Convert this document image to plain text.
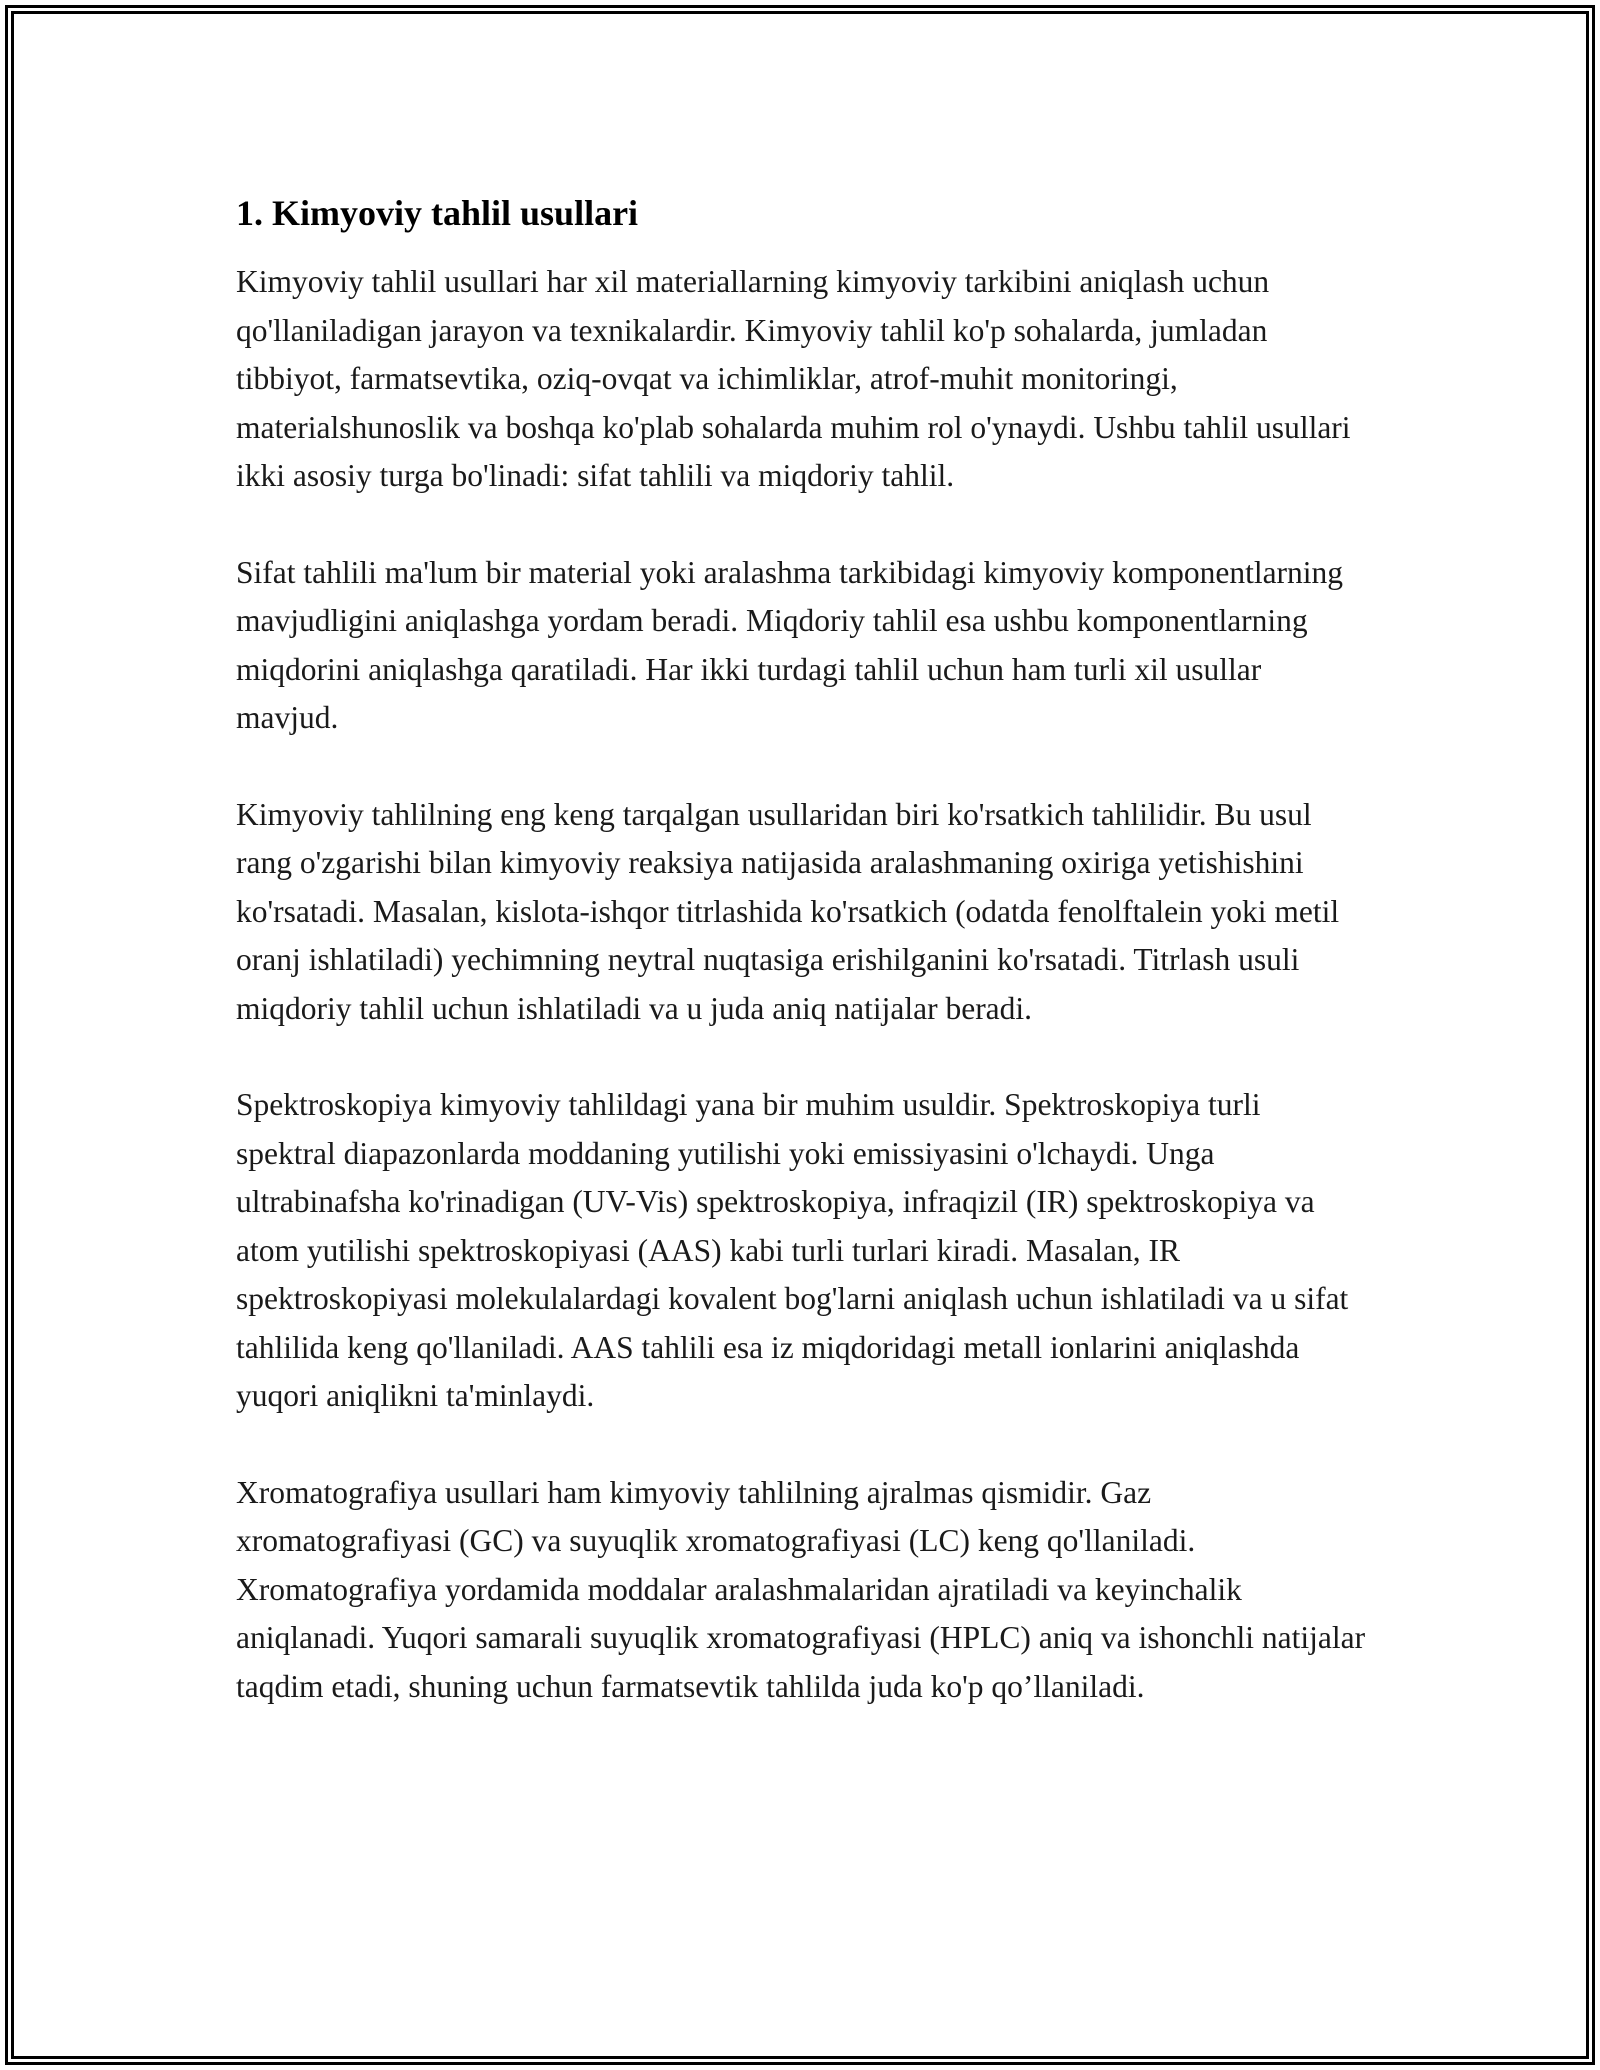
1. Kimyoviy tahlil usullari

Kimyoviy tahlil usullari har xil materiallarning kimyoviy tarkibini aniqlash uchun qo'llaniladigan jarayon va texnikalardir. Kimyoviy tahlil ko'p sohalarda, jumladan tibbiyot, farmatsevtika, oziq-ovqat va ichimliklar, atrof-muhit monitoringi, materialshunoslik va boshqa ko'plab sohalarda muhim rol o'ynaydi. Ushbu tahlil usullari ikki asosiy turga bo'linadi: sifat tahlili va miqdoriy tahlil.

Sifat tahlili ma'lum bir material yoki aralashma tarkibidagi kimyoviy komponentlarning mavjudligini aniqlashga yordam beradi. Miqdoriy tahlil esa ushbu komponentlarning miqdorini aniqlashga qaratiladi. Har ikki turdagi tahlil uchun ham turli xil usullar mavjud.

Kimyoviy tahlilning eng keng tarqalgan usullaridan biri ko'rsatkich tahlilidir. Bu usul rang o'zgarishi bilan kimyoviy reaksiya natijasida aralashmaning oxiriga yetishishini ko'rsatadi. Masalan, kislota-ishqor titrlashida ko'rsatkich (odatda fenolftalein yoki metil oranj ishlatiladi) yechimning neytral nuqtasiga erishilganini ko'rsatadi. Titrlash usuli miqdoriy tahlil uchun ishlatiladi va u juda aniq natijalar beradi.

Spektroskopiya kimyoviy tahlildagi yana bir muhim usuldir. Spektroskopiya turli spektral diapazonlarda moddaning yutilishi yoki emissiyasini o'lchaydi. Unga ultrabinafsha ko'rinadigan (UV-Vis) spektroskopiya, infraqizil (IR) spektroskopiya va atom yutilishi spektroskopiyasi (AAS) kabi turli turlari kiradi. Masalan, IR spektroskopiyasi molekulalardagi kovalent bog'larni aniqlash uchun ishlatiladi va u sifat tahlilida keng qo'llaniladi. AAS tahlili esa iz miqdoridagi metall ionlarini aniqlashda yuqori aniqlikni ta'minlaydi.

Xromatografiya usullari ham kimyoviy tahlilning ajralmas qismidir. Gaz xromatografiyasi (GC) va suyuqlik xromatografiyasi (LC) keng qo'llaniladi. Xromatografiya yordamida moddalar aralashmalaridan ajratiladi va keyinchalik aniqlanadi. Yuqori samarali suyuqlik xromatografiyasi (HPLC) aniq va ishonchli natijalar taqdim etadi, shuning uchun farmatsevtik tahlilda juda ko'p qo’llaniladi.
